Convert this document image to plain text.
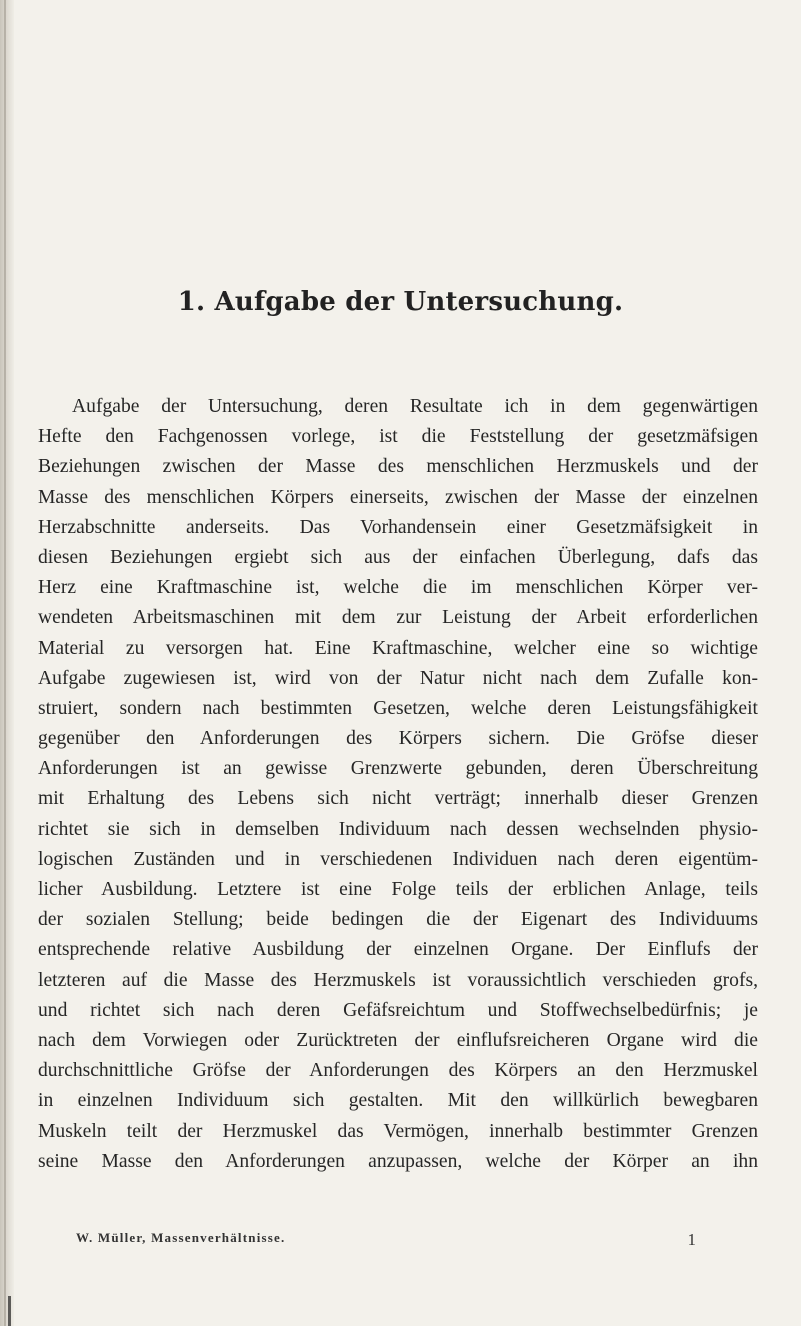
1. Aufgabe der Untersuchung.
Aufgabe der Untersuchung, deren Resultate ich in dem gegenwärtigen
Hefte den Fachgenossen vorlege, ist die Feststellung der gesetzmäfsigen
Beziehungen zwischen der Masse des menschlichen Herzmuskels und der
Masse des menschlichen Körpers einerseits, zwischen der Masse der einzelnen
Herzabschnitte anderseits. Das Vorhandensein einer Gesetzmäfsigkeit in
diesen Beziehungen ergiebt sich aus der einfachen Überlegung, dafs das
Herz eine Kraftmaschine ist, welche die im menschlichen Körper ver-
wendeten Arbeitsmaschinen mit dem zur Leistung der Arbeit erforderlichen
Material zu versorgen hat. Eine Kraftmaschine, welcher eine so wichtige
Aufgabe zugewiesen ist, wird von der Natur nicht nach dem Zufalle kon-
struiert, sondern nach bestimmten Gesetzen, welche deren Leistungsfähigkeit
gegenüber den Anforderungen des Körpers sichern. Die Gröfse dieser
Anforderungen ist an gewisse Grenzwerte gebunden, deren Überschreitung
mit Erhaltung des Lebens sich nicht verträgt; innerhalb dieser Grenzen
richtet sie sich in demselben Individuum nach dessen wechselnden physio-
logischen Zuständen und in verschiedenen Individuen nach deren eigentüm-
licher Ausbildung. Letztere ist eine Folge teils der erblichen Anlage, teils
der sozialen Stellung; beide bedingen die der Eigenart des Individuums
entsprechende relative Ausbildung der einzelnen Organe. Der Einflufs der
letzteren auf die Masse des Herzmuskels ist voraussichtlich verschieden grofs,
und richtet sich nach deren Gefäfsreichtum und Stoffwechselbedürfnis; je
nach dem Vorwiegen oder Zurücktreten der einflufsreicheren Organe wird die
durchschnittliche Gröfse der Anforderungen des Körpers an den Herzmuskel
in einzelnen Individuum sich gestalten. Mit den willkürlich bewegbaren
Muskeln teilt der Herzmuskel das Vermögen, innerhalb bestimmter Grenzen
seine Masse den Anforderungen anzupassen, welche der Körper an ihn
W. Müller, Massenverhältnisse.	1
